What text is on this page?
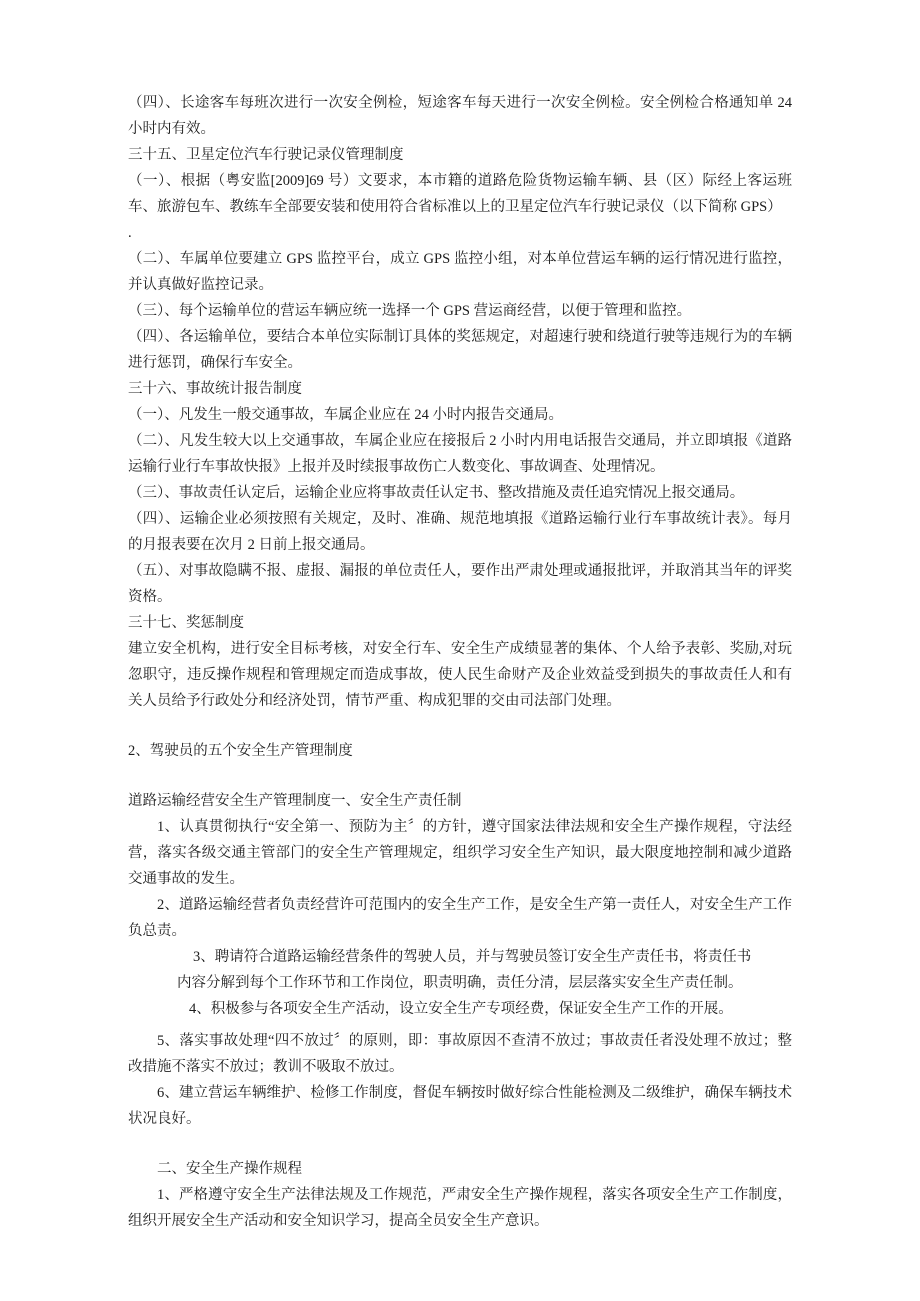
（四）、长途客车每班次进行一次安全例检，短途客车每天进行一次安全例检。安全例检合格通知单 24 小时内有效。

三十五、卫星定位汽车行驶记录仪管理制度

（一）、根据（粤安监[2009]69 号）文要求，本市籍的道路危险货物运输车辆、县（区）际经上客运班车、旅游包车、教练车全部要安装和使用符合省标准以上的卫星定位汽车行驶记录仪（以下简称 GPS）

.

（二）、车属单位要建立 GPS 监控平台，成立 GPS 监控小组，对本单位营运车辆的运行情况进行监控，并认真做好监控记录。

（三）、每个运输单位的营运车辆应统一选择一个 GPS 营运商经营，以便于管理和监控。

（四）、各运输单位，要结合本单位实际制订具体的奖惩规定，对超速行驶和绕道行驶等违规行为的车辆进行惩罚，确保行车安全。

三十六、事故统计报告制度

（一）、凡发生一般交通事故，车属企业应在 24 小时内报告交通局。

（二）、凡发生较大以上交通事故，车属企业应在接报后 2 小时内用电话报告交通局，并立即填报《道路运输行业行车事故快报》上报并及时续报事故伤亡人数变化、事故调查、处理情况。

（三）、事故责任认定后，运输企业应将事故责任认定书、整改措施及责任追究情况上报交通局。

（四）、运输企业必须按照有关规定，及时、准确、规范地填报《道路运输行业行车事故统计表》。每月的月报表要在次月 2 日前上报交通局。

（五）、对事故隐瞒不报、虚报、漏报的单位责任人，要作出严肃处理或通报批评，并取消其当年的评奖资格。

三十七、奖惩制度

建立安全机构，进行安全目标考核，对安全行车、安全生产成绩显著的集体、个人给予表彰、奖励,对玩忽职守，违反操作规程和管理规定而造成事故，使人民生命财产及企业效益受到损失的事故责任人和有关人员给予行政处分和经济处罚，情节严重、构成犯罪的交由司法部门处理。

2、驾驶员的五个安全生产管理制度
道路运输经营安全生产管理制度一、安全生产责任制

1、认真贯彻执行“安全第一、预防为主〞的方针，遵守国家法律法规和安全生产操作规程，守法经营，落实各级交通主管部门的安全生产管理规定，组织学习安全生产知识，最大限度地控制和减少道路交通事故的发生。

2、道路运输经营者负责经营许可范围内的安全生产工作，是安全生产第一责任人，对安全生产工作负总责。

3、聘请符合道路运输经营条件的驾驶人员，并与驾驶员签订安全生产责任书，将责任书

内容分解到每个工作环节和工作岗位，职责明确，责任分清，层层落实安全生产责任制。

4、积极参与各项安全生产活动，设立安全生产专项经费，保证安全生产工作的开展。

5、落实事故处理“四不放过〞的原则，即：事故原因不查清不放过；事故责任者没处理不放过；整改措施不落实不放过；教训不吸取不放过。

6、建立营运车辆维护、检修工作制度，督促车辆按时做好综合性能检测及二级维护，确保车辆技术状况良好。

二、安全生产操作规程

1、严格遵守安全生产法律法规及工作规范，严肃安全生产操作规程，落实各项安全生产工作制度，组织开展安全生产活动和安全知识学习，提高全员安全生产意识。
